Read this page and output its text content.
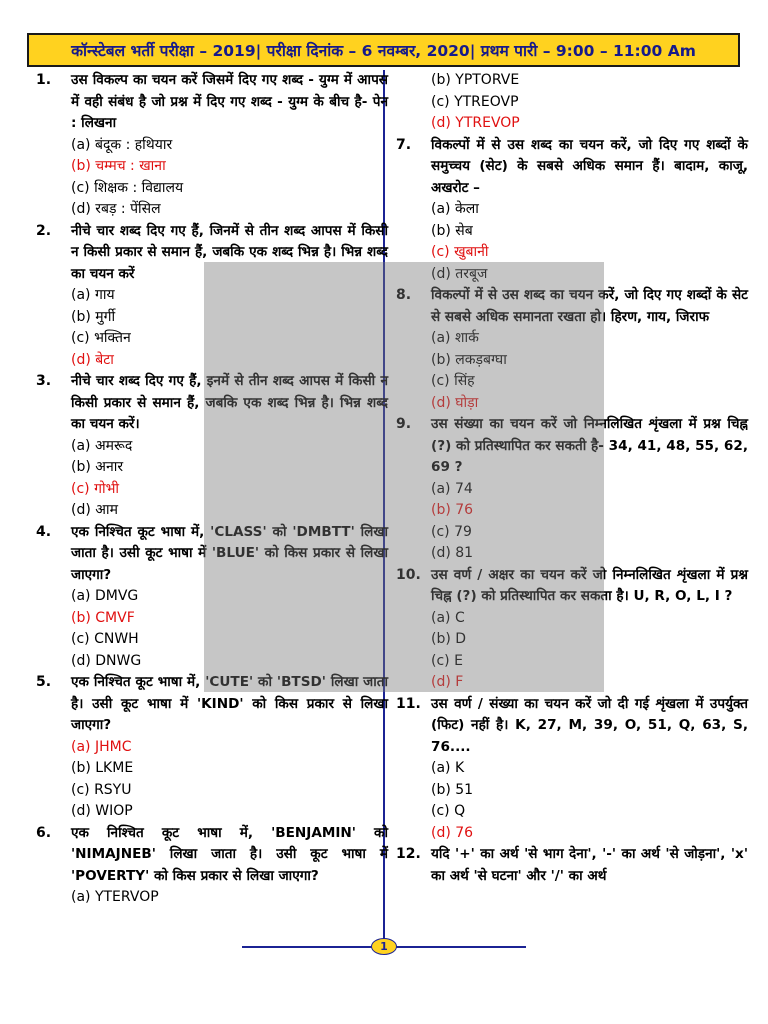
कॉन्स्टेबल भर्ती परीक्षा – 2019| परीक्षा दिनांक – 6 नवम्बर, 2020| प्रथम पारी – 9:00 – 11:00 Am
1.	उस विकल्प का चयन करें जिसमें दिए गए शब्द - युग्म में आपस में वही संबंध है जो प्रश्न में दिए गए शब्द - युग्म के बीच है- पेन : लिखना
(a) बंदूक : हथियार
(b) चम्मच : खाना
(c) शिक्षक : विद्यालय
(d) रबड़ : पेंसिल
2.	नीचे चार शब्द दिए गए हैं, जिनमें से तीन शब्द आपस में किसी न किसी प्रकार से समान हैं, जबकि एक शब्द भिन्न है। भिन्न शब्द का चयन करें
(a) गाय
(b) मुर्गी
(c) भक्तिन
(d) बेटा
3.	नीचे चार शब्द दिए गए हैं, इनमें से तीन शब्द आपस में किसी न किसी प्रकार से समान हैं, जबकि एक शब्द भिन्न है। भिन्न शब्द का चयन करें।
(a) अमरूद
(b) अनार
(c) गोभी
(d) आम
4.	एक निश्चित कूट भाषा में, 'CLASS' को 'DMBTT' लिखा जाता है। उसी कूट भाषा में 'BLUE' को किस प्रकार से लिखा जाएगा?
(a) DMVG
(b) CMVF
(c) CNWH
(d) DNWG
5.	एक निश्चित कूट भाषा में, 'CUTE' को 'BTSD' लिखा जाता है। उसी कूट भाषा में 'KIND' को किस प्रकार से लिखा जाएगा?
(a) JHMC
(b) LKME
(c) RSYU
(d) WIOP
6.	एक निश्चित कूट भाषा में, 'BENJAMIN' को 'NIMAJNEB' लिखा जाता है। उसी कूट भाषा में 'POVERTY' को किस प्रकार से लिखा जाएगा?
(a) YTERVOP
(b) YPTORVE
(c) YTREOVP
(d) YTREVOP
7.	विकल्पों में से उस शब्द का चयन करें, जो दिए गए शब्दों के समुच्चय (सेट) के सबसे अधिक समान हैं। बादाम, काजू, अखरोट –
(a) केला
(b) सेब
(c) खुबानी
(d) तरबूज
8.	विकल्पों में से उस शब्द का चयन करें, जो दिए गए शब्दों के सेट से सबसे अधिक समानता रखता हो। हिरण, गाय, जिराफ
(a) शार्क
(b) लकड़बग्घा
(c) सिंह
(d) घोड़ा
9.	उस संख्या का चयन करें जो निम्नलिखित शृंखला में प्रश्न चिह्न (?) को प्रतिस्थापित कर सकती है- 34, 41, 48, 55, 62, 69 ?
(a) 74
(b) 76
(c) 79
(d) 81
10. उस वर्ण / अक्षर का चयन करें जो निम्नलिखित शृंखला में प्रश्न चिह्न (?) को प्रतिस्थापित कर सकता है। U, R, O, L, I ?
(a) C
(b) D
(c) E
(d) F
11. उस वर्ण / संख्या का चयन करें जो दी गई शृंखला में उपर्युक्त (फिट) नहीं है। K, 27, M, 39, O, 51, Q, 63, S, 76....
(a) K
(b) 51
(c) Q
(d) 76
12. यदि '+' का अर्थ 'से भाग देना', '-' का अर्थ 'से जोड़ना', 'x' का अर्थ 'से घटना' और '/' का अर्थ
1
